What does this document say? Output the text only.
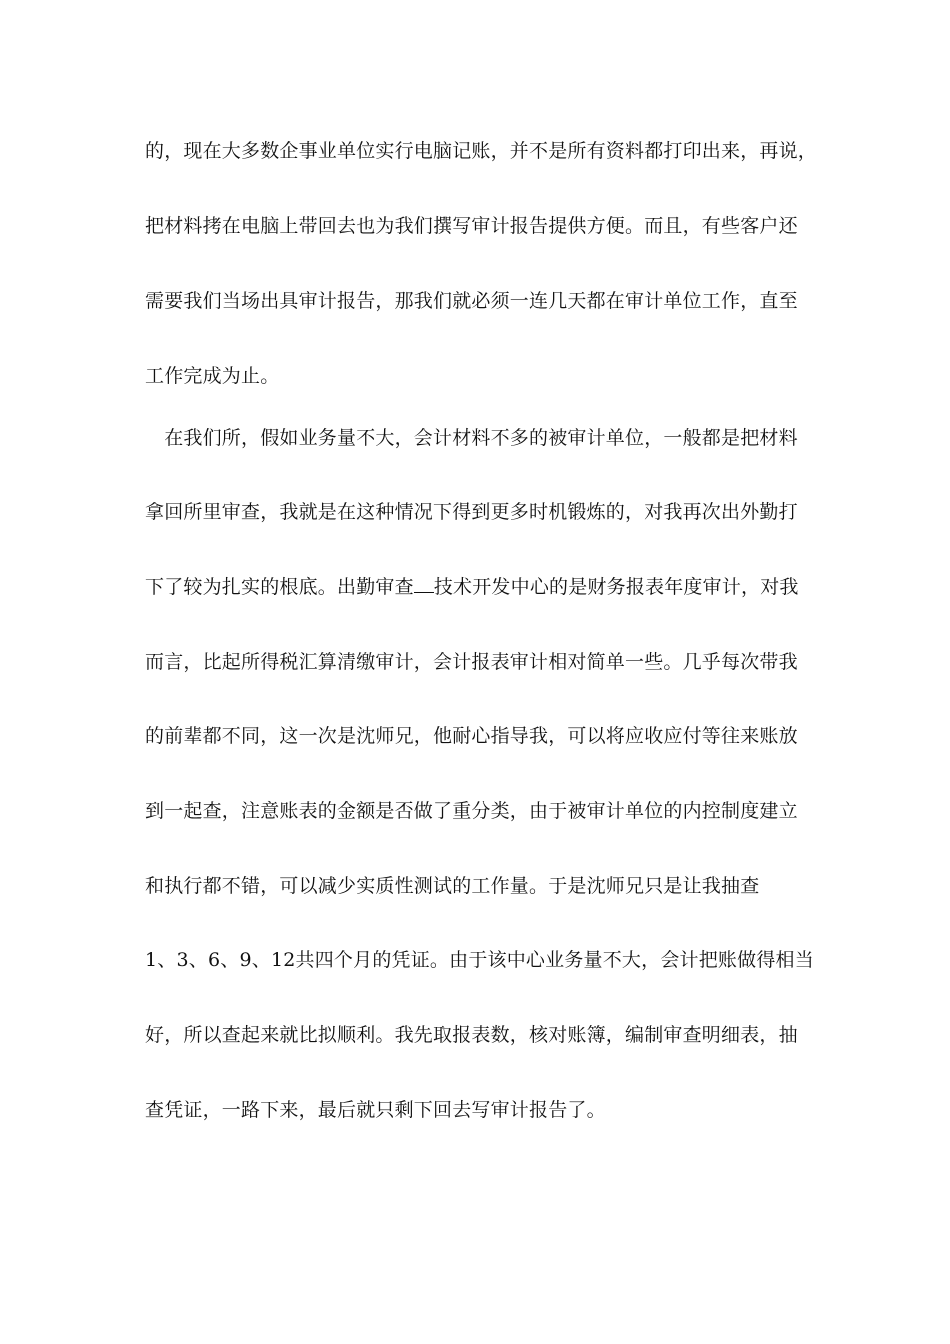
的，现在大多数企事业单位实行电脑记账，并不是所有资料都打印出来，再说，
把材料拷在电脑上带回去也为我们撰写审计报告提供方便。而且，有些客户还
需要我们当场出具审计报告，那我们就必须一连几天都在审计单位工作，直至
工作完成为止。
　在我们所，假如业务量不大，会计材料不多的被审计单位，一般都是把材料
拿回所里审查，我就是在这种情况下得到更多时机锻炼的，对我再次出外勤打
下了较为扎实的根底。出勤审查 技术开发中心的是财务报表年度审计，对我
而言，比起所得税汇算清缴审计，会计报表审计相对简单一些。几乎每次带我
的前辈都不同，这一次是沈师兄，他耐心指导我，可以将应收应付等往来账放
到一起查，注意账表的金额是否做了重分类，由于被审计单位的内控制度建立
和执行都不错，可以减少实质性测试的工作量。于是沈师兄只是让我抽查
1、3、6、9、12共四个月的凭证。由于该中心业务量不大，会计把账做得相当
好，所以查起来就比拟顺利。我先取报表数，核对账簿，编制审查明细表，抽
查凭证，一路下来，最后就只剩下回去写审计报告了。
